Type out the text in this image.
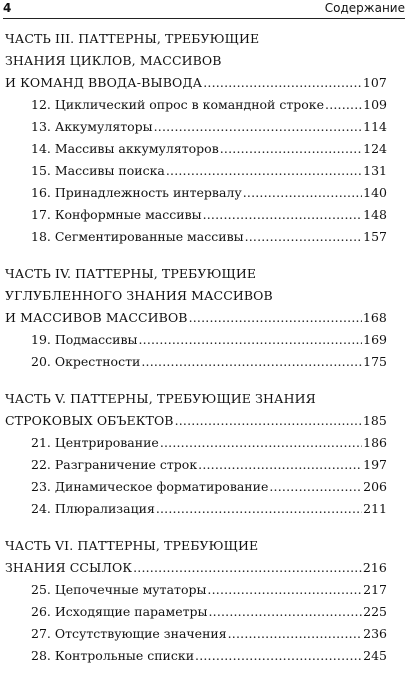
4	Содержание
ЧАСТЬ III. ПАТТЕРНЫ, ТРЕБУЮЩИЕ
ЗНАНИЯ ЦИКЛОВ, МАССИВОВ
И КОМАНД ВВОДА-ВЫВОДА .....	107
12. Циклический опрос в командной строке .....	109
13. Аккумуляторы .....	114
14. Массивы аккумуляторов .....	124
15. Массивы поиска .....	131
16. Принадлежность интервалу .....	140
17. Конформные массивы .....	148
18. Сегментированные массивы .....	157
ЧАСТЬ IV. ПАТТЕРНЫ, ТРЕБУЮЩИЕ
УГЛУБЛЕННОГО ЗНАНИЯ МАССИВОВ
И МАССИВОВ МАССИВОВ .....	168
19. Подмассивы .....	169
20. Окрестности .....	175
ЧАСТЬ V. ПАТТЕРНЫ, ТРЕБУЮЩИЕ ЗНАНИЯ
СТРОКОВЫХ ОБЪЕКТОВ .....	185
21. Центрирование .....	186
22. Разграничение строк .....	197
23. Динамическое форматирование .....	206
24. Плюрализация .....	211
ЧАСТЬ VI. ПАТТЕРНЫ, ТРЕБУЮЩИЕ
ЗНАНИЯ ССЫЛОК .....	216
25. Цепочечные мутаторы .....	217
26. Исходящие параметры .....	225
27. Отсутствующие значения .....	236
28. Контрольные списки .....	245
